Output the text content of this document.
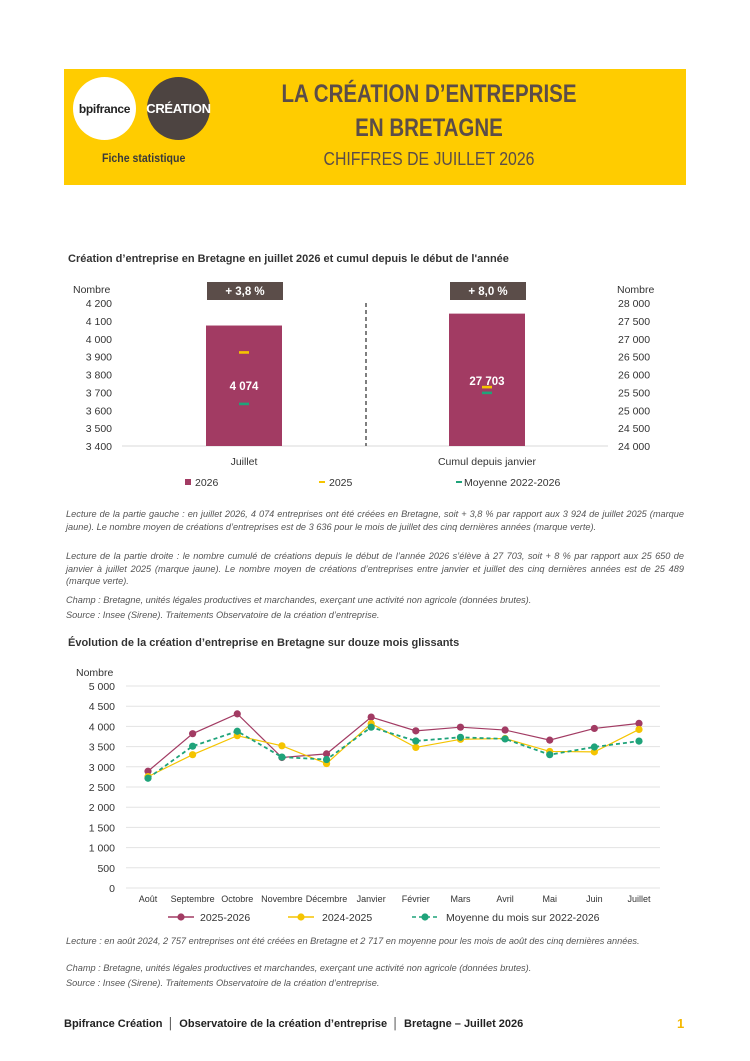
bpifrance CRÉATION
Fiche statistique
LA CRÉATION D’ENTREPRISE
EN BRETAGNE
CHIFFRES DE JUILLET 2026
Création d’entreprise en Bretagne en juillet 2026 et cumul depuis le début de l'année
Nombre	Nombre
4 200
4 100
4 000
3 900
3 800
3 700
3 600
3 500
3 400
28 000
27 500
27 000
26 500
26 000
25 500
25 000
24 500
24 000
4 074
+ 3,8 %
Juillet
27 703
+ 8,0 %
Cumul depuis janvier
2026	2025	Moyenne 2022-2026
Lecture de la partie gauche : en juillet 2026, 4 074 entreprises ont été créées en Bretagne, soit + 3,8 % par rapport aux 3 924 de juillet 2025 (marque jaune). Le nombre moyen de créations d’entreprises est de 3 636 pour le mois de juillet des cinq dernières années (marque verte).
Lecture de la partie droite : le nombre cumulé de créations depuis le début de l’année 2026 s’élève à 27 703, soit + 8 % par rapport aux 25 650 de janvier à juillet 2025 (marque jaune). Le nombre moyen de créations d’entreprises entre janvier et juillet des cinq dernières années est de 25 489 (marque verte).
Champ : Bretagne, unités légales productives et marchandes, exerçant une activité non agricole (données brutes).
Source : Insee (Sirene). Traitements Observatoire de la création d’entreprise.
Évolution de la création d’entreprise en Bretagne sur douze mois glissants
Nombre
5 000
4 500
4 000
3 500
3 000
2 500
2 000
1 500
1 000
500
0
Août Septembre Octobre Novembre Décembre Janvier Février Mars	Avril	Mai	Juin	Juillet
2025-2026	2024-2025	Moyenne du mois sur 2022-2026
Lecture : en août 2024, 2 757 entreprises ont été créées en Bretagne et 2 717 en moyenne pour les mois de août des cinq dernières années.
Champ : Bretagne, unités légales productives et marchandes, exerçant une activité non agricole (données brutes).
Source : Insee (Sirene). Traitements Observatoire de la création d’entreprise.
Bpifrance Création │ Observatoire de la création d’entreprise │ Bretagne – Juillet 2026	1
